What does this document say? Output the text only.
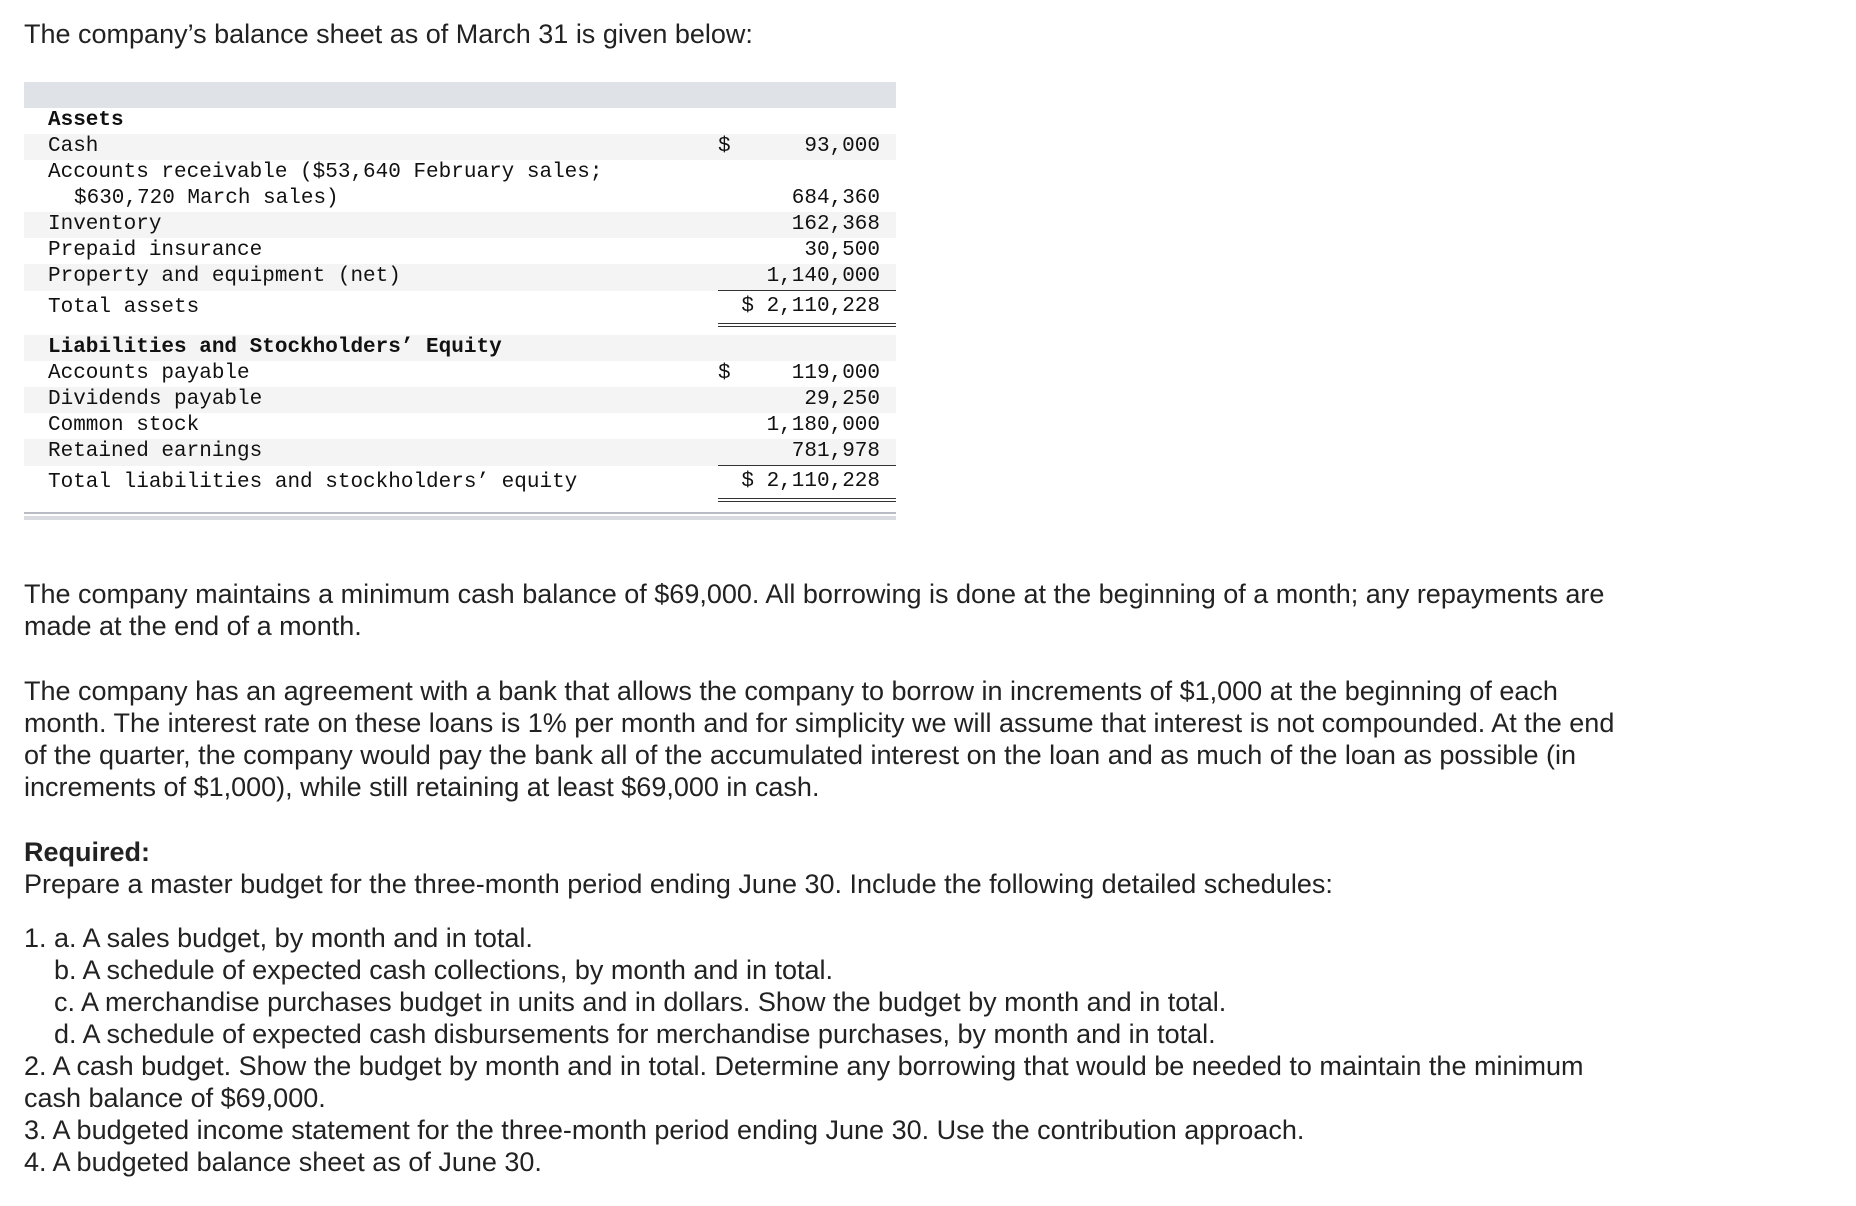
The company’s balance sheet as of March 31 is given below:

Assets		
Cash	$	93,000
Accounts receivable ($53,640 February sales;		
$630,720 March sales)		684,360
Inventory		162,368
Prepaid insurance		30,500
Property and equipment (net)		1,140,000
Total assets	$ 2,110,228	

Liabilities and Stockholders’ Equity		
Accounts payable	$	119,000
Dividends payable		29,250
Common stock		1,180,000
Retained earnings		781,978
Total liabilities and stockholders’ equity	$ 2,110,228	

The company maintains a minimum cash balance of $69,000. All borrowing is done at the beginning of a month; any repayments are made at the end of a month.

The company has an agreement with a bank that allows the company to borrow in increments of $1,000 at the beginning of each month. The interest rate on these loans is 1% per month and for simplicity we will assume that interest is not compounded. At the end of the quarter, the company would pay the bank all of the accumulated interest on the loan and as much of the loan as possible (in increments of $1,000), while still retaining at least $69,000 in cash.

Required:
Prepare a master budget for the three-month period ending June 30. Include the following detailed schedules:

1. a. A sales budget, by month and in total.
b. A schedule of expected cash collections, by month and in total.
c. A merchandise purchases budget in units and in dollars. Show the budget by month and in total.
d. A schedule of expected cash disbursements for merchandise purchases, by month and in total.
2. A cash budget. Show the budget by month and in total. Determine any borrowing that would be needed to maintain the minimum cash balance of $69,000.
3. A budgeted income statement for the three-month period ending June 30. Use the contribution approach.
4. A budgeted balance sheet as of June 30.
